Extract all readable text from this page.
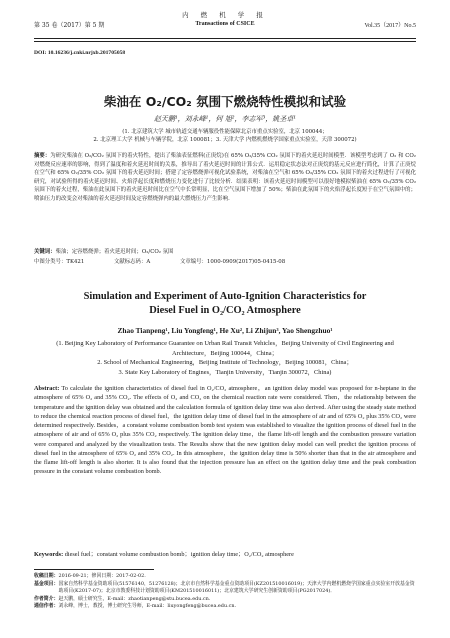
第 35 卷（2017）第 5 期
内 燃 机 学 报
Transactions of CSICE	Vol.35（2017）No.5
DOI: 10.16236/j.cnki.nrjxb.201705058
柴油在 O₂/CO₂ 氛围下燃烧特性模拟和试验
赵天鹏¹，刘永峰¹，何 旭²，李志军³，姚圣卓¹
(1. 北京建筑大学 城市轨道交通车辆服役性能保障北京市重点实验室，北京 100044；
2. 北京理工大学 机械与车辆学院，北京 100081；3. 天津大学 内燃机燃烧学国家重点实验室，天津 300072)
摘要：为研究柴油在 O₂/CO₂ 氛围下的着火特性，提出了柴油表征燃料(正庚烷)在 65% O₂/35% CO₂ 氛围下的着火延迟时间模型．该模型考虑到了 O₂ 和 CO₂ 对燃烧反应速率的影响，得到了温度和着火延迟时间的关系，推导出了着火延迟时间的计算公式．运用稳定状态法对正庚烷的基元反应进行简化，计算了正庚烷在空气和 65% O₂/35% CO₂ 氛围下的着火延迟时间；搭建了定容燃烧弹可视化试验系统，对柴油在空气和 65% O₂/35% CO₂ 氛围下的着火过程进行了可视化研究，对试验所得的着火延迟时间、火焰浮起长度和燃烧压力变化进行了比较分析．结果表明：该着火延迟时间模型可以很好地模拟柴油在 65% O₂/35% CO₂ 氛围下的着火过程，柴油在此氛围下的着火延迟时间比在空气中长常明显，比在空气氛围下增加了 50%；柴油在此氛围下的火焰浮起长度短于在空气氛围中的；喷油压力的改变会对柴油的着火延迟时间及定容燃烧弹内的最大燃烧压力产生影响．
关键词：柴油；定容燃烧弹；着火延迟时间；O₂/CO₂ 氛围
中图分类号：TK421	文献标志码：A	文章编号：1000-0909(2017)05-0415-08
Simulation and Experiment of Auto-Ignition Characteristics for
Diesel Fuel in O₂/CO₂ Atmosphere
Zhao Tianpeng¹, Liu Yongfeng¹, He Xu², Li Zhijun³, Yao Shengzhuo¹
(1. Beijing Key Laboratory of Performance Guarantee on Urban Rail Transit Vehicles，Beijing University of Civil Engineering and Architecture，Beijing 100044，China；
2. School of Mechanical Engineering，Beijing Institute of Technology，Beijing 100081，China；
3. State Key Laboratory of Engines，Tianjin University，Tianjin 300072，China)
Abstract: To calculate the ignition characteristics of diesel fuel in O₂/CO₂ atmosphere，an ignition delay model was proposed for n-heptane in the atmosphere of 65% O₂ and 35% CO₂. The effects of O₂ and CO₂ on the chemical reaction rate were considered. Then，the relationship between the temperature and the ignition delay was obtained and the calculation formula of ignition delay time was also derived. After using the steady state method to reduce the chemical reaction process of diesel fuel，the ignition delay time of diesel fuel in the atmosphere of air and of 65% O₂ plus 35% CO₂ were determined respectively. Besides，a constant volume combustion bomb test system was established to visualize the ignition process of diesel fuel in the atmosphere of air and of 65% O₂ plus 35% CO₂ respectively. The ignition delay time，the flame lift-off length and the combustion pressure variation were compared and analyzed by the visualization tests. The Results show that the new ignition delay model can well predict the ignition process of diesel fuel in the atmosphere of 65% O₂ and 35% CO₂. In this atmosphere，the ignition delay time is 50% shorter than that in the air atmosphere and the flame lift-off length is also shorter. It is also found that the injection pressure has an effect on the ignition delay time and the peak combustion pressure in the constant volume combustion bomb.
Keywords: diesel fuel；constant volume combustion bomb；ignition delay time；O₂/CO₂ atmosphere
收稿日期： 2016-09-21；修回日期：2017-02-02.
基金项目： 国家自然科学基金资助项目(51576140，51276128)；北京市自然科学基金重点资助项目(KZ201510016019)；天津大学内燃机燃烧学国家重点实验室开放基金资助项目(K2017-07)；北京市教委科技计划资助项目(KM201510016011)；北京建筑大学研究生创新资助项目(PG2017024)．
作者简介： 赵天鹏，硕士研究生，E-mail：zhaotianpeng@stu.bucea.edu.cn.
通信作者： 刘永峰，博士，教授，博士研究生导师，E-mail：liuyongfeng@bucea.edu.cn.
